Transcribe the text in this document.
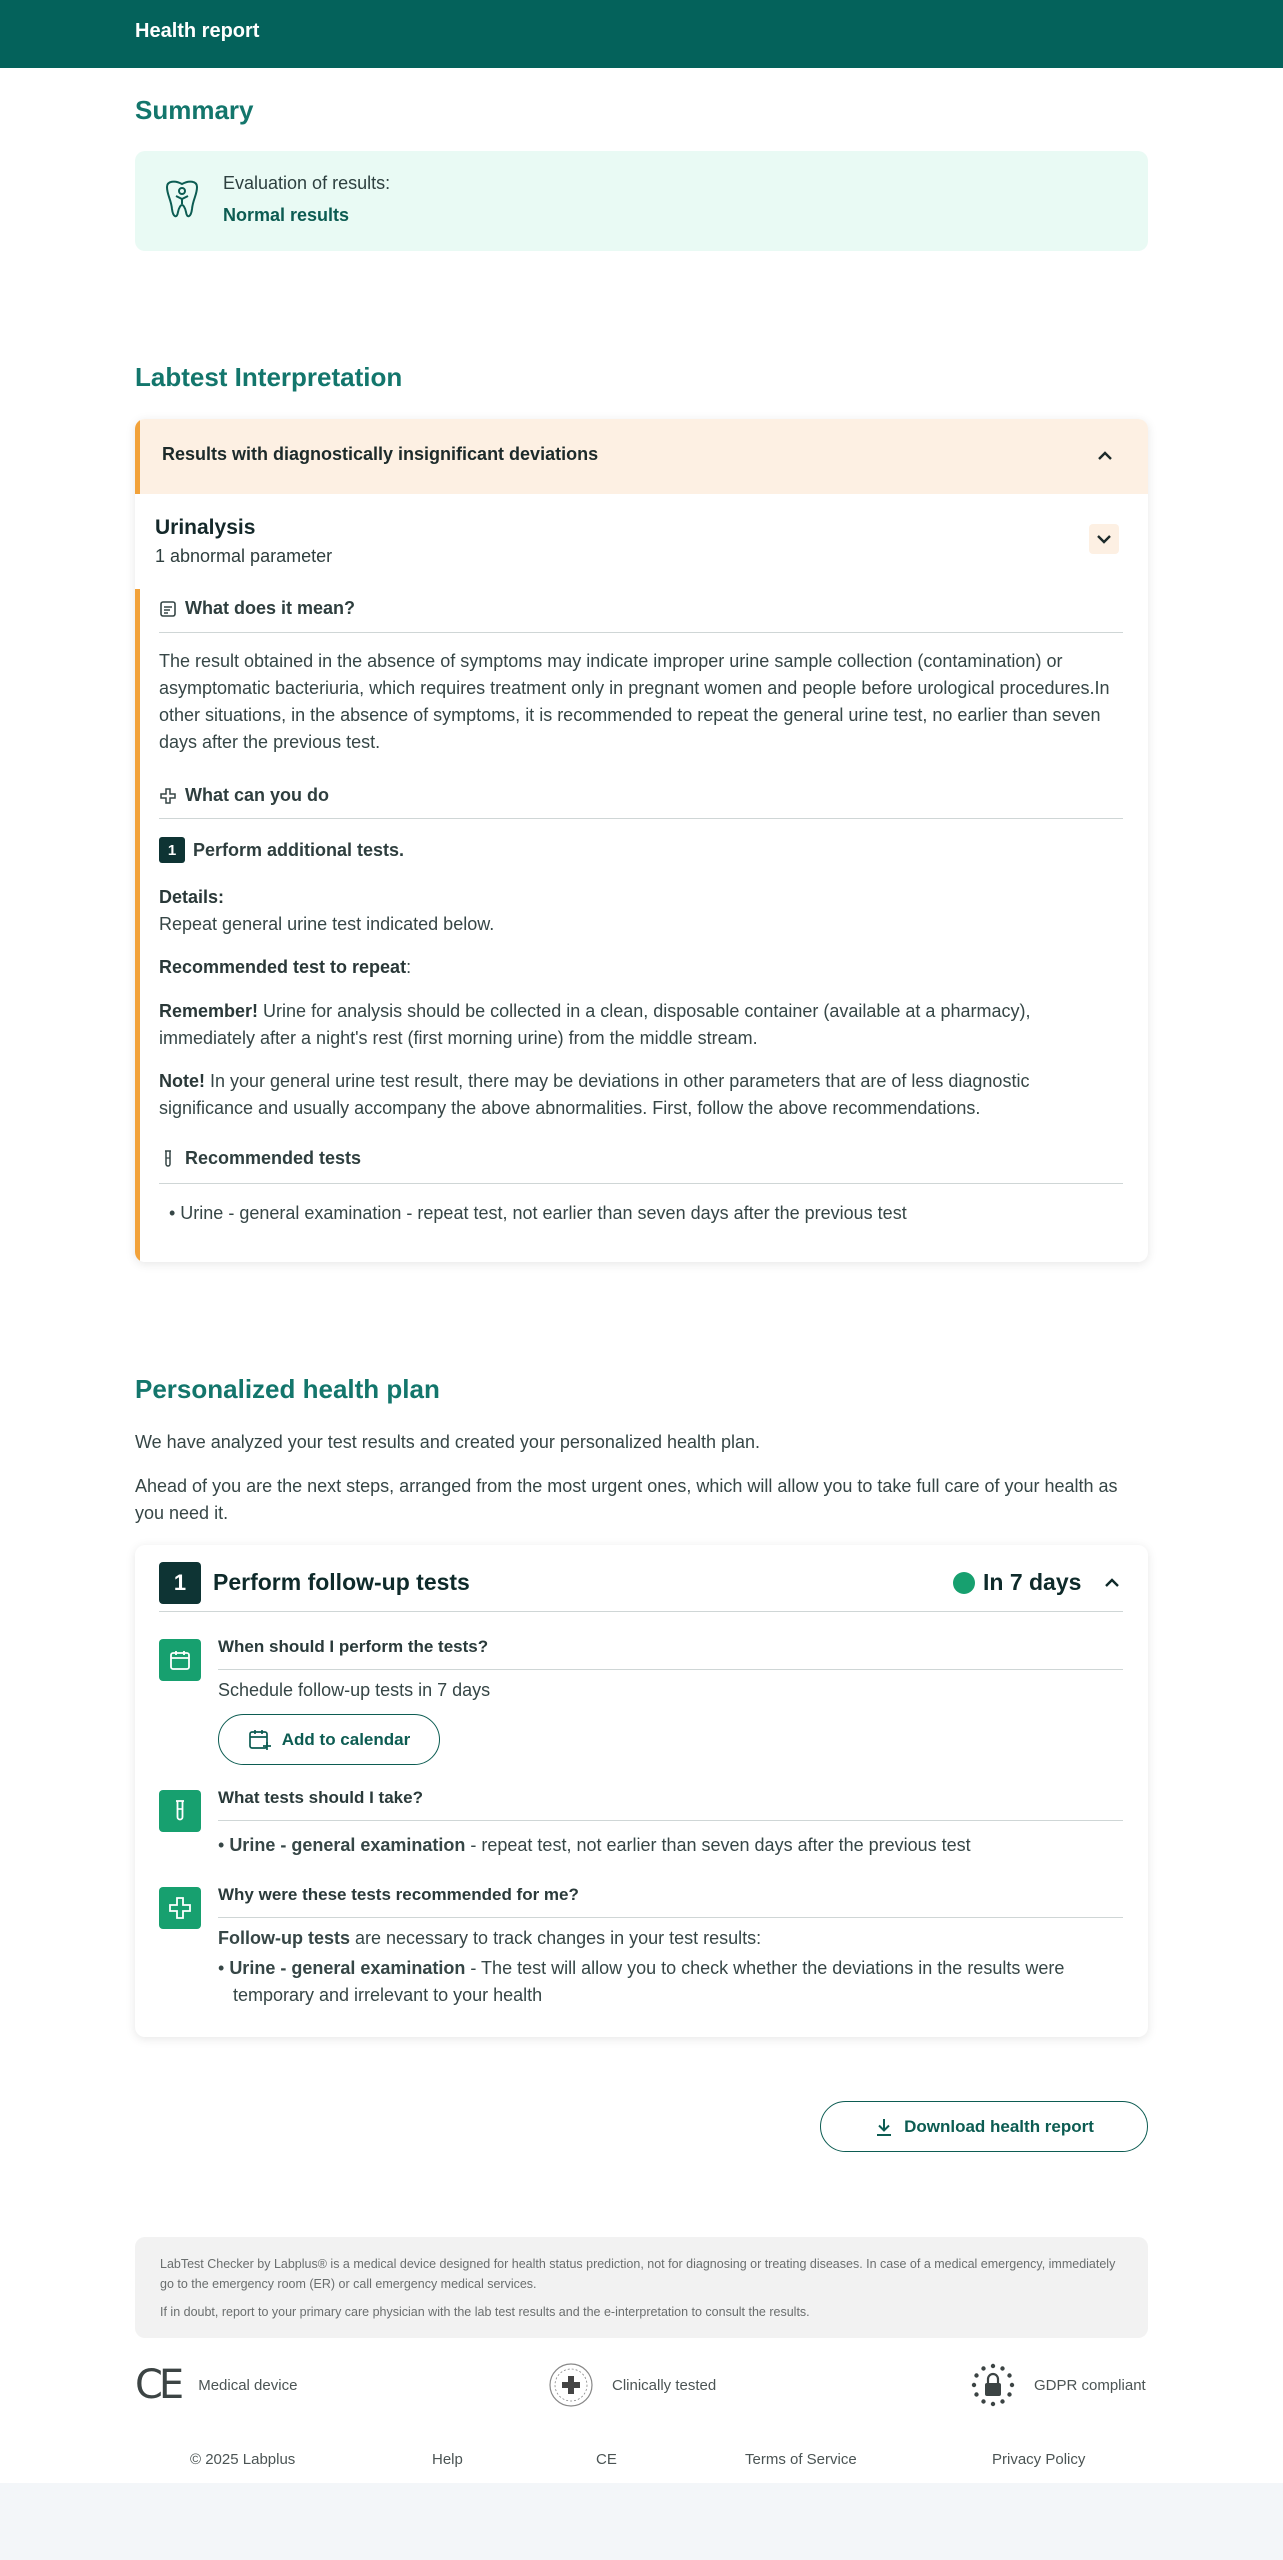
Health report
Summary
Evaluation of results:
Normal results
Labtest Interpretation
Results with diagnostically insignificant deviations
Urinalysis
1 abnormal parameter
What does it mean?
The result obtained in the absence of symptoms may indicate improper urine sample collection (contamination) or asymptomatic bacteriuria, which requires treatment only in pregnant women and people before urological procedures.In other situations, in the absence of symptoms, it is recommended to repeat the general urine test, no earlier than seven days after the previous test.
What can you do
1 Perform additional tests.
Details:
Repeat general urine test indicated below.
Recommended test to repeat:
Remember! Urine for analysis should be collected in a clean, disposable container (available at a pharmacy), immediately after a night's rest (first morning urine) from the middle stream.
Note! In your general urine test result, there may be deviations in other parameters that are of less diagnostic significance and usually accompany the above abnormalities. First, follow the above recommendations.
Recommended tests
• Urine - general examination - repeat test, not earlier than seven days after the previous test
Personalized health plan
We have analyzed your test results and created your personalized health plan.
Ahead of you are the next steps, arranged from the most urgent ones, which will allow you to take full care of your health as you need it.
1	Perform follow-up tests	In 7 days
When should I perform the tests?
Schedule follow-up tests in 7 days
Add to calendar
What tests should I take?
• Urine - general examination - repeat test, not earlier than seven days after the previous test
Why were these tests recommended for me?
Follow-up tests are necessary to track changes in your test results:
• Urine - general examination - The test will allow you to check whether the deviations in the results were temporary and irrelevant to your health
Download health report
LabTest Checker by Labplus® is a medical device designed for health status prediction, not for diagnosing or treating diseases. In case of a medical emergency, immediately go to the emergency room (ER) or call emergency medical services.
If in doubt, report to your primary care physician with the lab test results and the e-interpretation to consult the results.
CE Medical device	Clinically tested	GDPR compliant
© 2025 Labplus	Help	CE	Terms of Service	Privacy Policy
